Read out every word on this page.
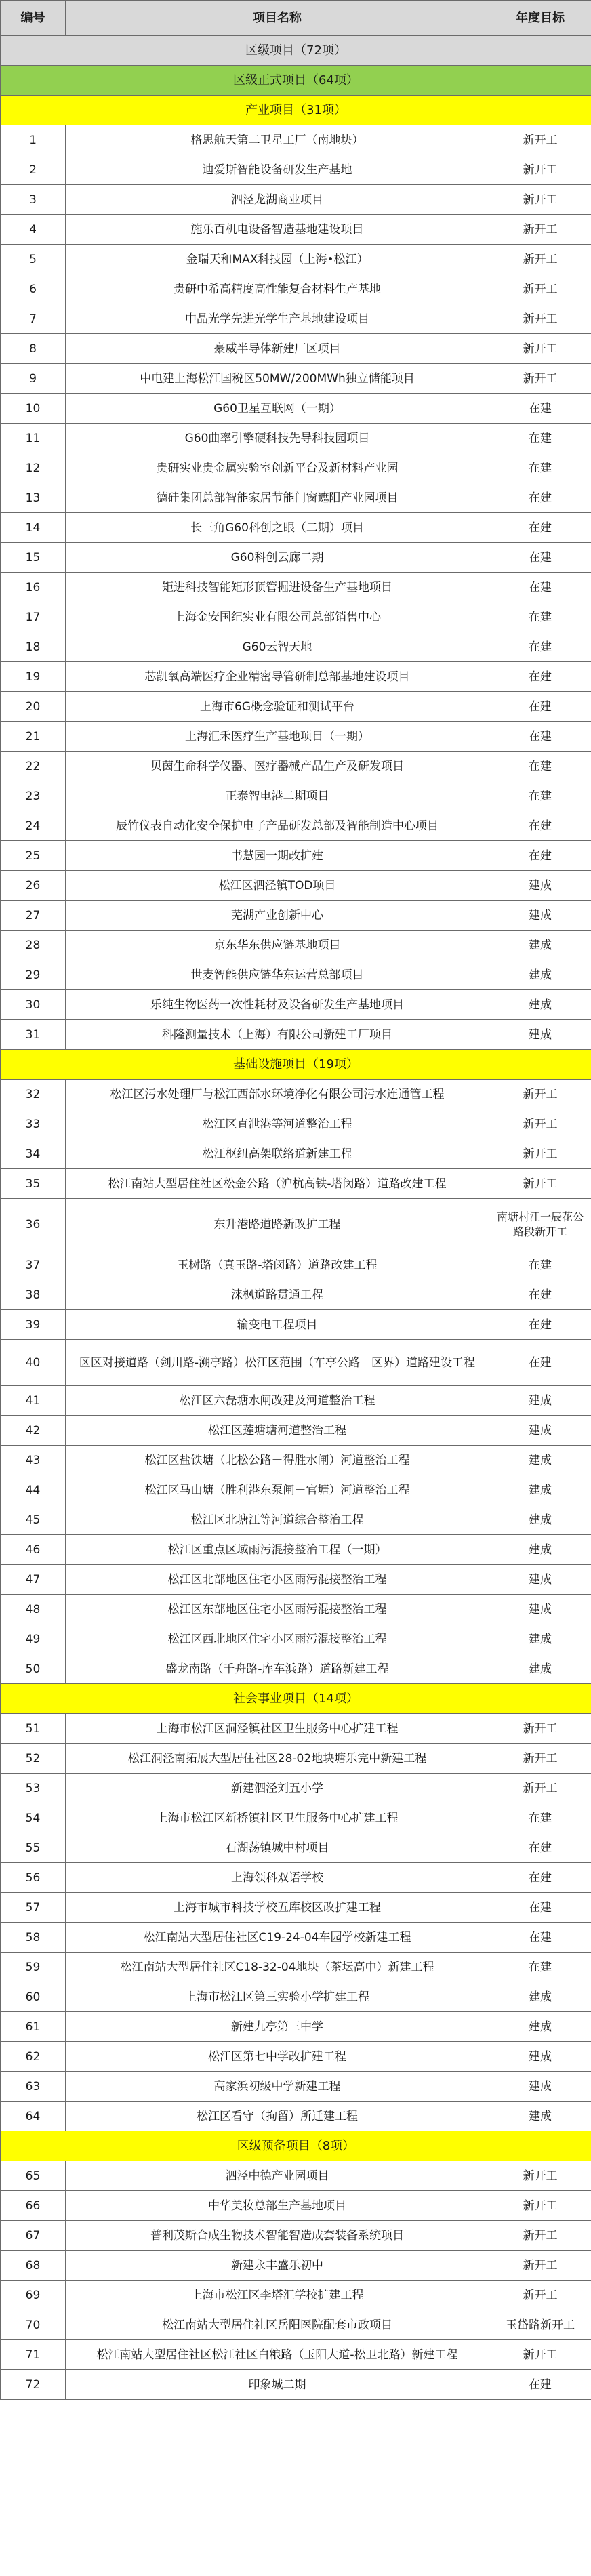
编号	项目名称	年度目标
区级项目（72项）		
区级正式项目（64项）		
产业项目（31项）		
1	格思航天第二卫星工厂（南地块）	新开工
2	迪爱斯智能设备研发生产基地	新开工
3	泗泾龙湖商业项目	新开工
4	施乐百机电设备智造基地建设项目	新开工
5	金瑞天和MAX科技园（上海•松江）	新开工
6	贵研中希高精度高性能复合材料生产基地	新开工
7	中晶光学先进光学生产基地建设项目	新开工
8	豪威半导体新建厂区项目	新开工
9	中电建上海松江国税区50MW/200MWh独立储能项目	新开工
10	G60卫星互联网（一期）	在建
11	G60曲率引擎硬科技先导科技园项目	在建
12	贵研实业贵金属实验室创新平台及新材料产业园	在建
13	德硅集团总部智能家居节能门窗遮阳产业园项目	在建
14	长三角G60科创之眼（二期）项目	在建
15	G60科创云廊二期	在建
16	矩进科技智能矩形顶管掘进设备生产基地项目	在建
17	上海金安国纪实业有限公司总部销售中心	在建
18	G60云智天地	在建
19	芯凯氧高端医疗企业精密导管研制总部基地建设项目	在建
20	上海市6G概念验证和测试平台	在建
21	上海汇禾医疗生产基地项目（一期）	在建
22	贝茵生命科学仪器、医疗器械产品生产及研发项目	在建
23	正泰智电港二期项目	在建
24	辰竹仪表自动化安全保护电子产品研发总部及智能制造中心项目	在建
25	书慧园一期改扩建	在建
26	松江区泗泾镇TOD项目	建成
27	芜湖产业创新中心	建成
28	京东华东供应链基地项目	建成
29	世麦智能供应链华东运营总部项目	建成
30	乐纯生物医药一次性耗材及设备研发生产基地项目	建成
31	科隆测量技术（上海）有限公司新建工厂项目	建成
基础设施项目（19项）		
32	松江区污水处理厂与松江西部水环境净化有限公司污水连通管工程	新开工
33	松江区直泄港等河道整治工程	新开工
34	松江枢纽高架联络道新建工程	新开工
35	松江南站大型居住社区松金公路（沪杭高铁-塔闵路）道路改建工程	新开工
36	东升港路道路新改扩工程	南塘村江一辰花公路段新开工
37	玉树路（真玉路-塔闵路）道路改建工程	在建
38	涞枫道路贯通工程	在建
39	输变电工程项目	在建
40	区区对接道路（剑川路-溯亭路）松江区范围（车亭公路－区界）道路建设工程	在建
41	松江区六磊塘水闸改建及河道整治工程	建成
42	松江区莲塘塘河道整治工程	建成
43	松江区盐铁塘（北松公路－得胜水闸）河道整治工程	建成
44	松江区马山塘（胜利港东泵闸－官塘）河道整治工程	建成
45	松江区北塘江等河道综合整治工程	建成
46	松江区重点区域雨污混接整治工程（一期）	建成
47	松江区北部地区住宅小区雨污混接整治工程	建成
48	松江区东部地区住宅小区雨污混接整治工程	建成
49	松江区西北地区住宅小区雨污混接整治工程	建成
50	盛龙南路（千舟路-库车浜路）道路新建工程	建成
社会事业项目（14项）		
51	上海市松江区洞泾镇社区卫生服务中心扩建工程	新开工
52	松江洞泾南拓展大型居住社区28-02地块塘乐完中新建工程	新开工
53	新建泗泾刘五小学	新开工
54	上海市松江区新桥镇社区卫生服务中心扩建工程	在建
55	石湖荡镇城中村项目	在建
56	上海领科双语学校	在建
57	上海市城市科技学校五库校区改扩建工程	在建
58	松江南站大型居住社区C19-24-04车园学校新建工程	在建
59	松江南站大型居住社区C18-32-04地块（茶坛高中）新建工程	在建
60	上海市松江区第三实验小学扩建工程	建成
61	新建九亭第三中学	建成
62	松江区第七中学改扩建工程	建成
63	高家浜初级中学新建工程	建成
64	松江区看守（拘留）所迁建工程	建成
区级预备项目（8项）		
65	泗泾中德产业园项目	新开工
66	中华美妆总部生产基地项目	新开工
67	普利茂斯合成生物技术智能智造成套装备系统项目	新开工
68	新建永丰盛乐初中	新开工
69	上海市松江区李塔汇学校扩建工程	新开工
70	松江南站大型居住社区岳阳医院配套市政项目	玉岱路新开工
71	松江南站大型居住社区松江社区白粮路（玉阳大道-松卫北路）新建工程	新开工
72	印象城二期	在建
